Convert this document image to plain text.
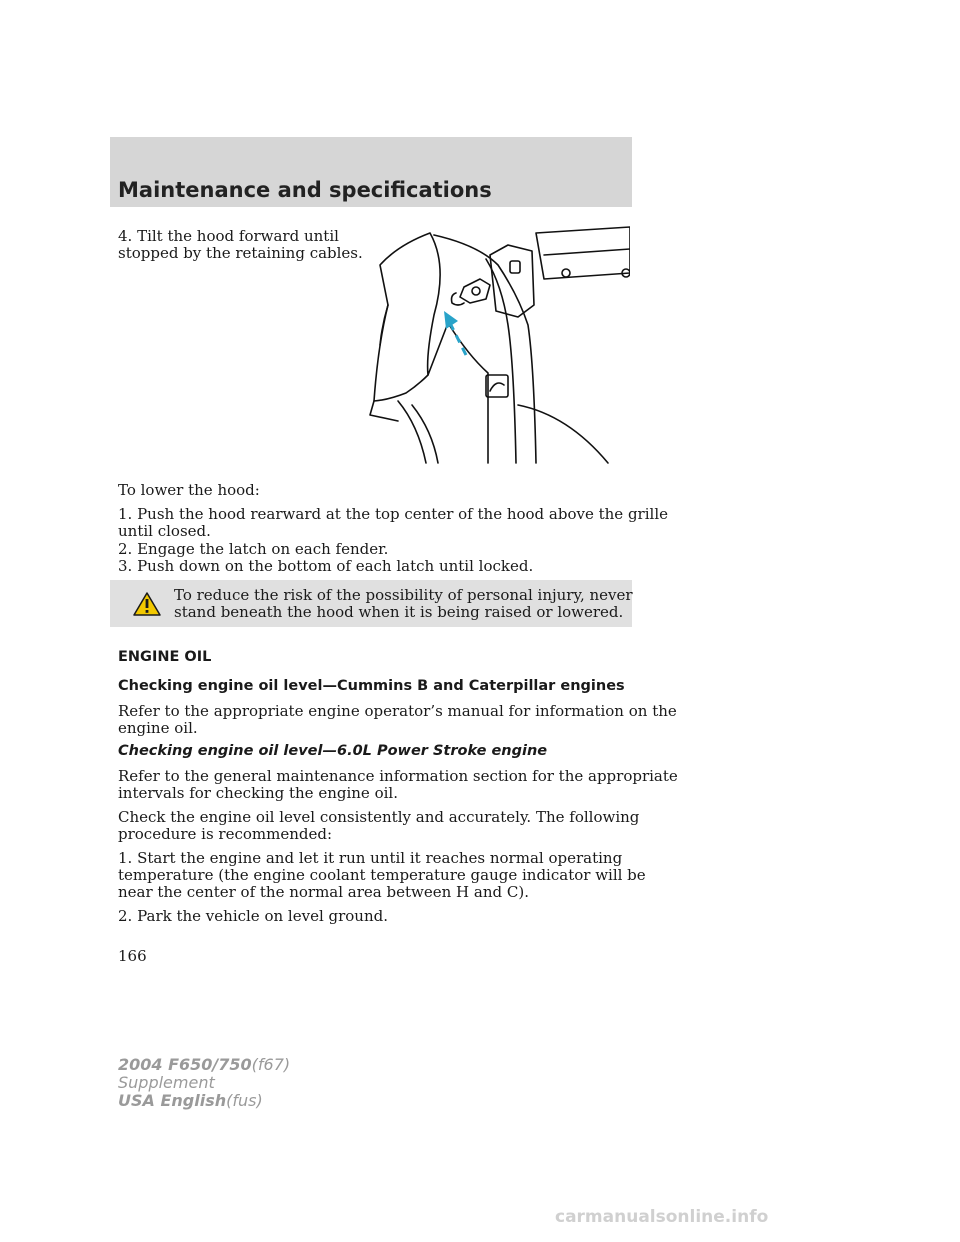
Maintenance and specifications

4. Tilt the hood forward until

stopped by the retaining cables.

To lower the hood:

1. Push the hood rearward at the top center of the hood above the grille

until closed.

2. Engage the latch on each fender.

3. Push down on the bottom of each latch until locked.

To reduce the risk of the possibility of personal injury, never

stand beneath the hood when it is being raised or lowered.

ENGINE OIL
Checking engine oil level—Cummins B and Caterpillar engines

Refer to the appropriate engine operator’s manual for information on the

engine oil.

Checking engine oil level—6.0L Power Stroke engine

Refer to the general maintenance information section for the appropriate

intervals for checking the engine oil.

Check the engine oil level consistently and accurately. The following

procedure is recommended:

1. Start the engine and let it run until it reaches normal operating

temperature (the engine coolant temperature gauge indicator will be

near the center of the normal area between H and C).

2. Park the vehicle on level ground.

166
2004 F650/750(f67)
Supplement
USA English(fus)
carmanualsonline.info
